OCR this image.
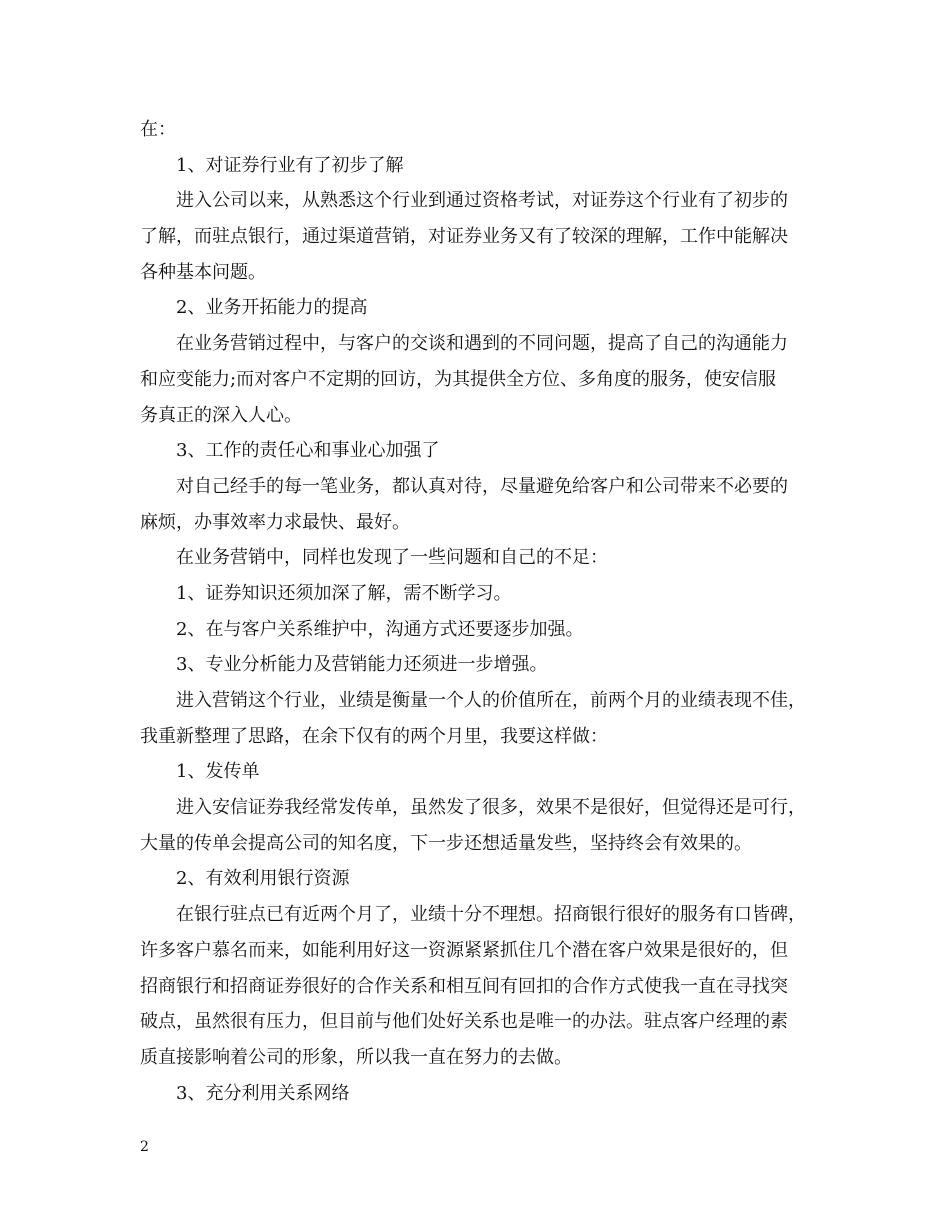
在：

1、对证券行业有了初步了解

进入公司以来，从熟悉这个行业到通过资格考试，对证券这个行业有了初步的

了解，而驻点银行，通过渠道营销，对证券业务又有了较深的理解，工作中能解决

各种基本问题。

2、业务开拓能力的提高

在业务营销过程中，与客户的交谈和遇到的不同问题，提高了自己的沟通能力

和应变能力;而对客户不定期的回访，为其提供全方位、多角度的服务，使安信服

务真正的深入人心。

3、工作的责任心和事业心加强了

对自己经手的每一笔业务，都认真对待，尽量避免给客户和公司带来不必要的

麻烦，办事效率力求最快、最好。

在业务营销中，同样也发现了一些问题和自己的不足：

1、证券知识还须加深了解，需不断学习。

2、在与客户关系维护中，沟通方式还要逐步加强。

3、专业分析能力及营销能力还须进一步增强。

进入营销这个行业，业绩是衡量一个人的价值所在，前两个月的业绩表现不佳，

我重新整理了思路，在余下仅有的两个月里，我要这样做：

1、发传单

进入安信证券我经常发传单，虽然发了很多，效果不是很好，但觉得还是可行，

大量的传单会提高公司的知名度，下一步还想适量发些，坚持终会有效果的。

2、有效利用银行资源

在银行驻点已有近两个月了，业绩十分不理想。招商银行很好的服务有口皆碑，

许多客户慕名而来，如能利用好这一资源紧紧抓住几个潜在客户效果是很好的，但

招商银行和招商证券很好的合作关系和相互间有回扣的合作方式使我一直在寻找突

破点，虽然很有压力，但目前与他们处好关系也是唯一的办法。驻点客户经理的素

质直接影响着公司的形象，所以我一直在努力的去做。

3、充分利用关系网络

2
